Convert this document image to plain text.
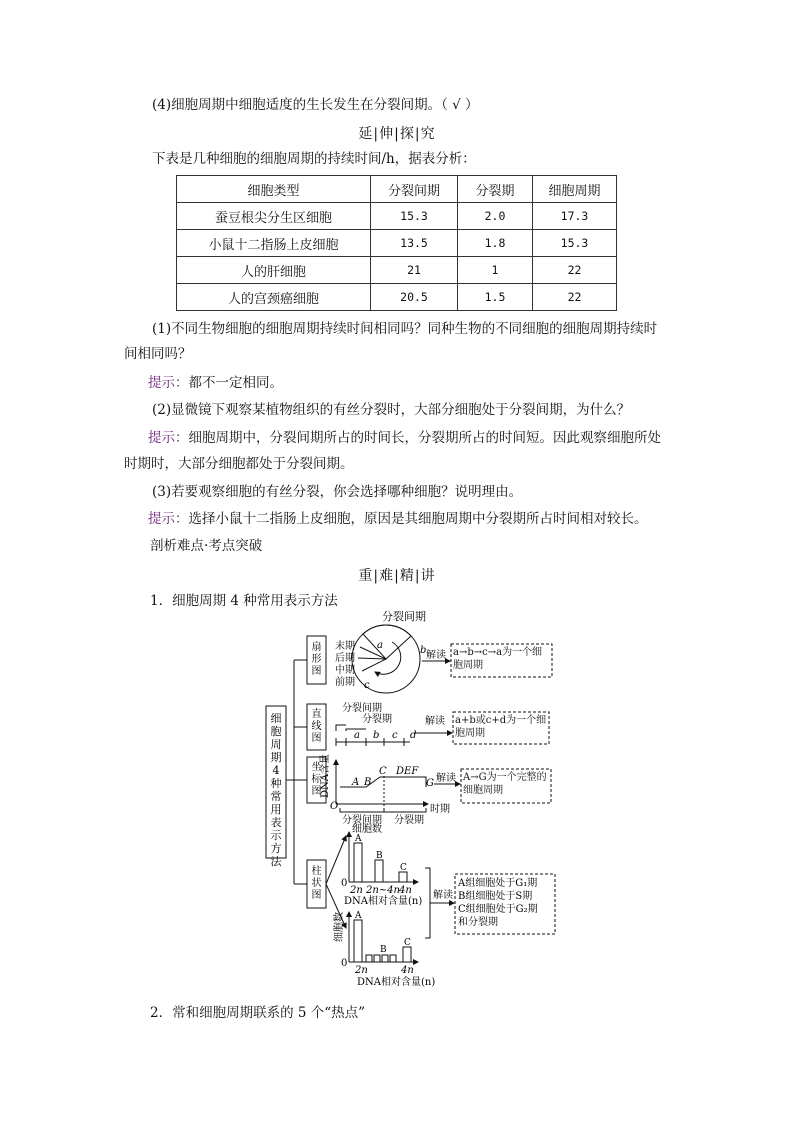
(4)细胞周期中细胞适度的生长发生在分裂间期。（ √ ）
延|伸|探|究
下表是几种细胞的细胞周期的持续时间/h，据表分析：
细胞类型	分裂间期	分裂期	细胞周期
蚕豆根尖分生区细胞	15.3	2.0	17.3
小鼠十二指肠上皮细胞	13.5	1.8	15.3
人的肝细胞	21	1	22
人的宫颈癌细胞	20.5	1.5	22
(1)不同生物细胞的细胞周期持续时间相同吗？同种生物的不同细胞的细胞周期持续时
间相同吗？
提示：都不一定相同。
(2)显微镜下观察某植物组织的有丝分裂时，大部分细胞处于分裂间期，为什么？
提示：细胞周期中，分裂间期所占的时间长，分裂期所占的时间短。因此观察细胞所处
时期时，大部分细胞都处于分裂间期。
(3)若要观察细胞的有丝分裂，你会选择哪种细胞？说明理由。
提示：选择小鼠十二指肠上皮细胞，原因是其细胞周期中分裂期所占时间相对较长。
剖析难点·考点突破
重|难|精|讲
1．细胞周期 4 种常用表示方法
细胞周期 4 种常用表示方法
扇形图
直线图
坐标图
柱状图
分裂间期
末期
后期
中期
前期
a	b
c
解读 a→b→c→a为一个细胞周期
分裂间期
分裂期
a b c d
解读 a+b或c+d为一个细胞周期
DNA含量 A B
C DEF
G
O	时期
分裂间期 分裂期
解读 A→G为一个完整的细胞周期
细胞数
A
B
C
0
2n 2n~4n 4n
DNA相对含量(n)
细胞数 A
B
C
0
2n	4n
DNA相对含量(n)
解读
A组细胞处于G₁期
B组细胞处于S期
C组细胞处于G₂期
和分裂期
2．常和细胞周期联系的 5 个“热点”
